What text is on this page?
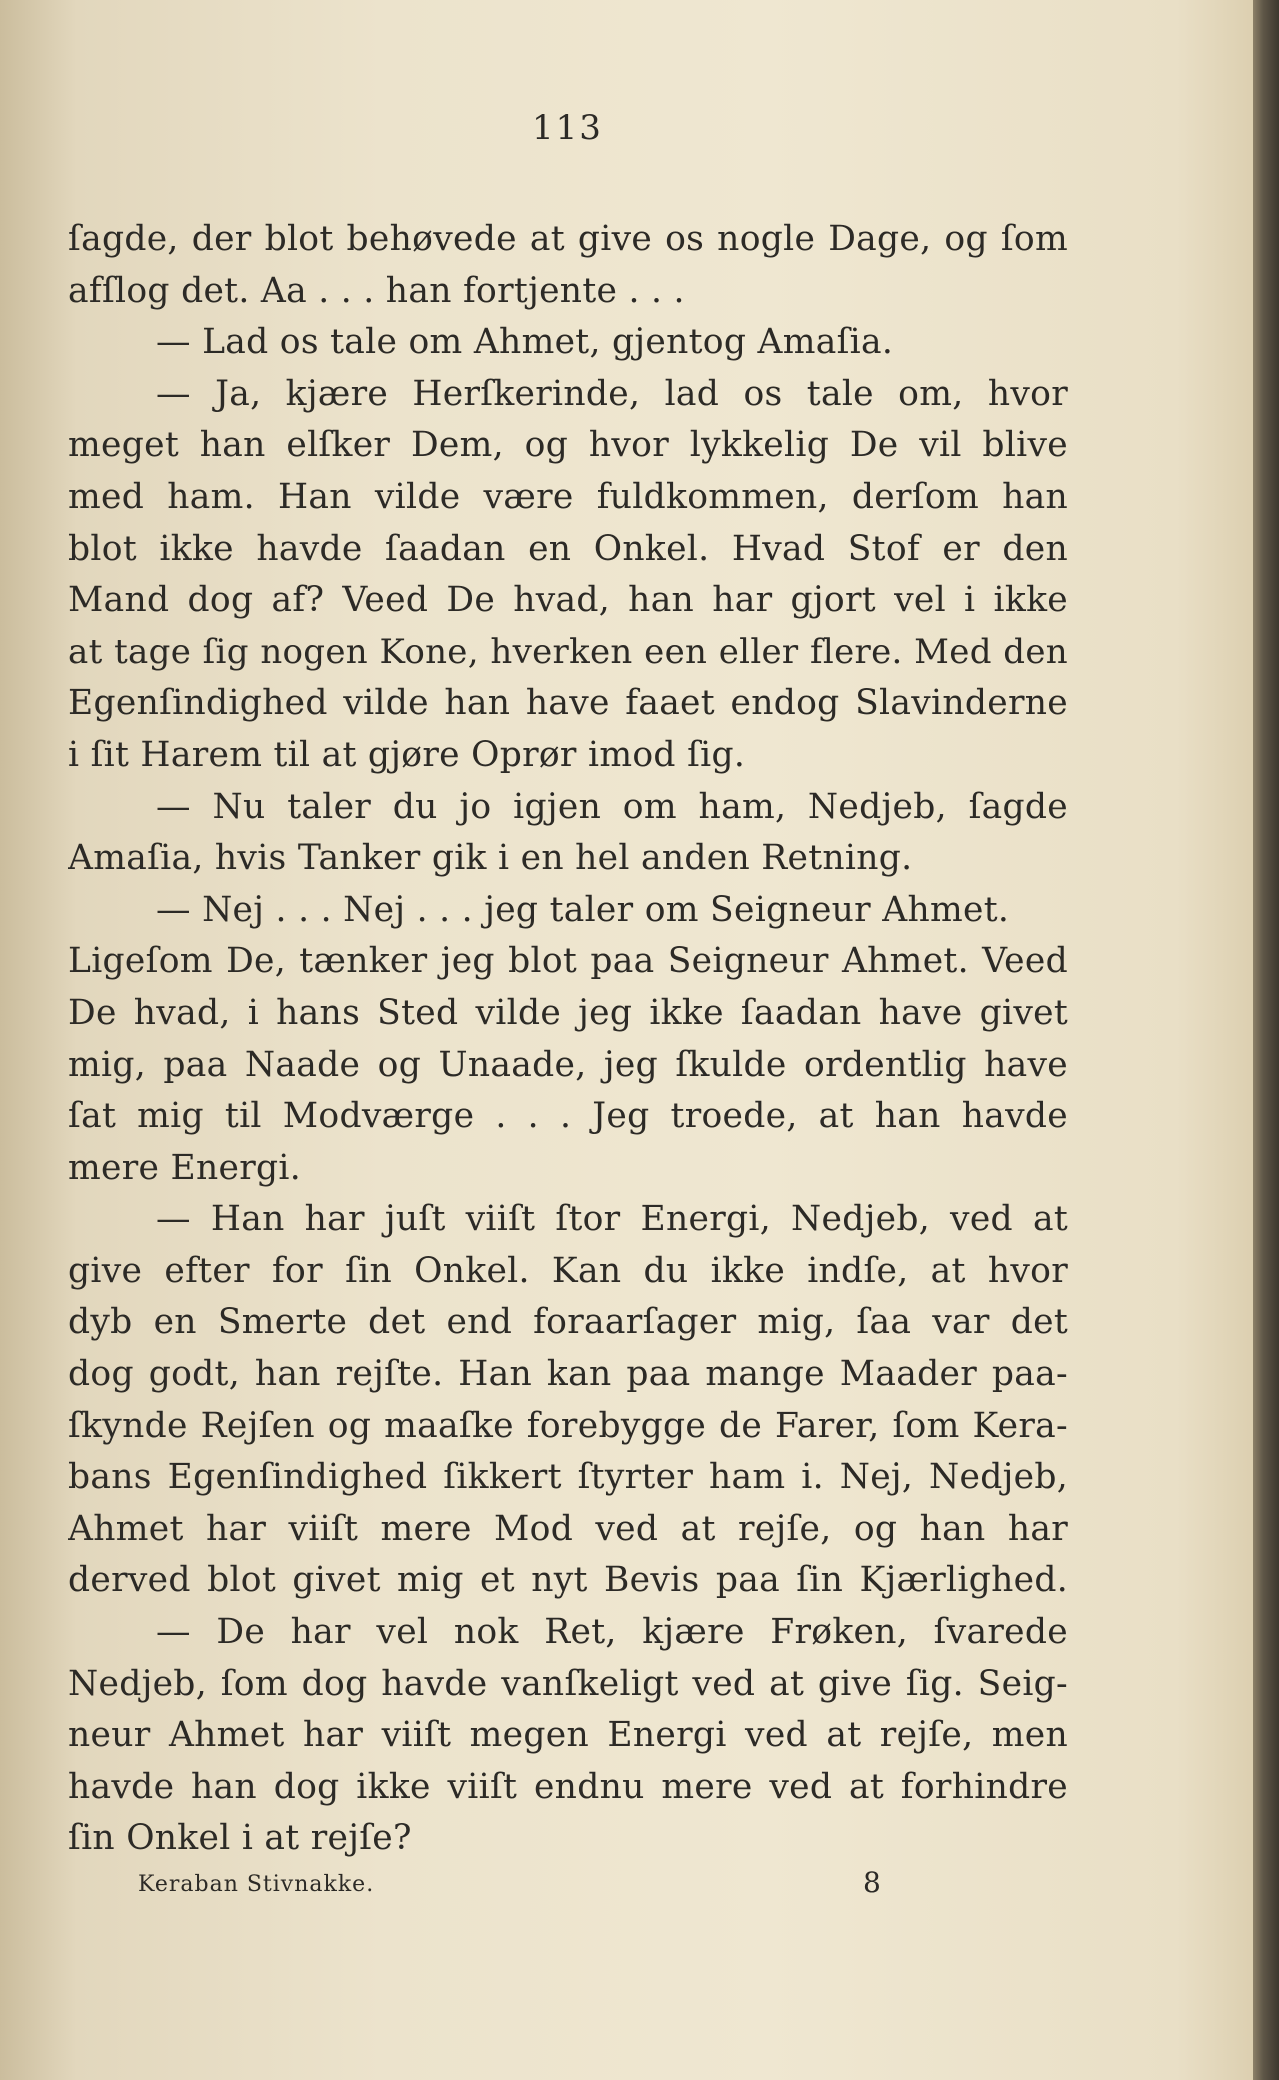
113
ſagde, der blot behøvede at give os nogle Dage, og ſom
afſlog det. Aa . . . han fortjente . . .
— Lad os tale om Ahmet, gjentog Amaſia.
— Ja, kjære Herſkerinde, lad os tale om, hvor
meget han elſker Dem, og hvor lykkelig De vil blive
med ham. Han vilde være fuldkommen, derſom han
blot ikke havde ſaadan en Onkel. Hvad Stof er den
Mand dog af? Veed De hvad, han har gjort vel i ikke
at tage ſig nogen Kone, hverken een eller flere. Med den
Egenſindighed vilde han have faaet endog Slavinderne
i ſit Harem til at gjøre Oprør imod ſig.
— Nu taler du jo igjen om ham, Nedjeb, ſagde
Amaſia, hvis Tanker gik i en hel anden Retning.
— Nej . . . Nej . . . jeg taler om Seigneur Ahmet.
Ligeſom De, tænker jeg blot paa Seigneur Ahmet. Veed
De hvad, i hans Sted vilde jeg ikke ſaadan have givet
mig, paa Naade og Unaade, jeg ſkulde ordentlig have
ſat mig til Modværge . . . Jeg troede, at han havde
mere Energi.
— Han har juſt viiſt ſtor Energi, Nedjeb, ved at
give efter for ſin Onkel. Kan du ikke indſe, at hvor
dyb en Smerte det end foraarſager mig, ſaa var det
dog godt, han rejſte. Han kan paa mange Maader paa-
ſkynde Rejſen og maaſke forebygge de Farer, ſom Kera-
bans Egenſindighed ſikkert ſtyrter ham i. Nej, Nedjeb,
Ahmet har viiſt mere Mod ved at rejſe, og han har
derved blot givet mig et nyt Bevis paa ſin Kjærlighed.
— De har vel nok Ret, kjære Frøken, ſvarede
Nedjeb, ſom dog havde vanſkeligt ved at give ſig. Seig-
neur Ahmet har viiſt megen Energi ved at rejſe, men
havde han dog ikke viiſt endnu mere ved at forhindre
ſin Onkel i at rejſe?
Keraban Stivnakke.	8
